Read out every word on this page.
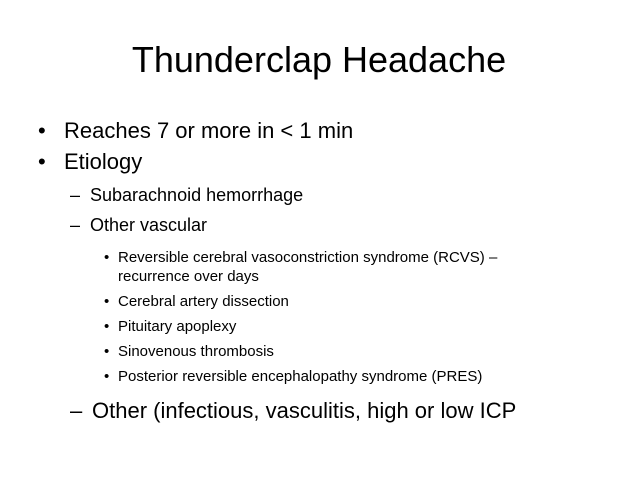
Thunderclap Headache
• Reaches 7 or more in < 1 min
• Etiology
– Subarachnoid hemorrhage
– Other vascular
• Reversible cerebral vasoconstriction syndrome (RCVS) –
recurrence over days
• Cerebral artery dissection
• Pituitary apoplexy
• Sinovenous thrombosis
• Posterior reversible encephalopathy syndrome (PRES)
– Other (infectious, vasculitis, high or low ICP
